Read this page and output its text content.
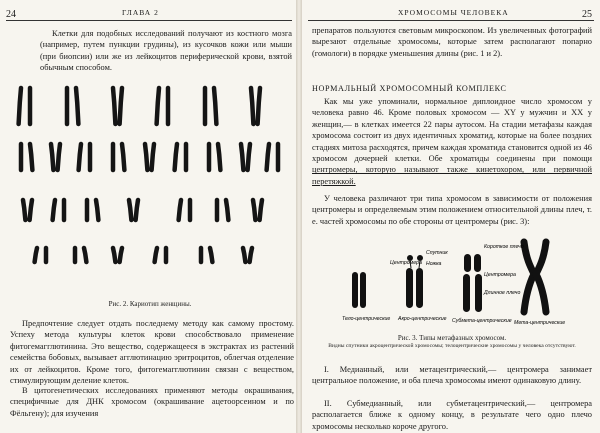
24	ГЛАВА 2

Клетки для подобных исследований получают из костного мозга (например, путем пункции грудины), из кусочков кожи или мыши (при биопсии) или же из лейкоцитов периферической крови, взятой обычным способом.

Рис. 2. Кариотип женщины.

Предпочтение следует отдать последнему методу как самому простому. Успеху метода культуры клеток крови способствовало применение фитогемагглютинина. Это вещество, содержащееся в экстрактах из растений семейства бобовых, вызывает агглютинацию эритроцитов, облегчая отделение их от лейкоцитов. Кроме того, фитогемагглютинин связан с веществом, стимулирующим деление клеток.

В цитогенетических исследованиях применяют методы окрашивания, специфичные для ДНК хромосом (окрашивание ацетоорсеином и по Фёльгену); для изучения

ХРОМОСОМЫ ЧЕЛОВЕКА	25

препаратов пользуются световым микроскопом. Из увеличенных фотографий вырезают отдельные хромосомы, которые затем располагают попарно (гомологи) в порядке уменьшения длины (рис. 1 и 2).

НОРМАЛЬНЫЙ ХРОМОСОМНЫЙ КОМПЛЕКС

Как мы уже упоминали, нормальное диплоидное число хромосом у человека равно 46. Кроме половых хромосом — XY у мужчин и XX у женщин,— в клетках имеется 22 пары аутосом. На стадии метафазы каждая хромосома состоит из двух идентичных хроматид, которые на более поздних стадиях митоза расходятся, причем каждая хроматида становится одной из 46 хромосом дочерней клетки. Обе хроматиды соединены при помощи центромеры, которую называют также кинетохором, или первичной перетяжкой.

У человека различают три типа хромосом в зависимости от положения центромеры и определяемым этим положением относительной длины плеч, т. е. частей хромосомы по обе стороны от центромеры (рис. 3):

Центромера
Спутник
Ножка
Короткое плечо
Центромера
Длинное плечо
Тело-центрические Акро-центрические Субмета-центрические Мета-центрические
Рис. 3. Типы метафазных хромосом.
Видны спутники акроцентрической хромосомы; телоцентрические хромосомы у человека отсутствуют.

I. Медианный, или метацентрический,— центромера занимает центральное положение, и оба плеча хромосомы имеют одинаковую длину.

II. Субмедианный, или субметацентрический,— центромера располагается ближе к одному концу, в результате чего одно плечо хромосомы несколько короче другого.
